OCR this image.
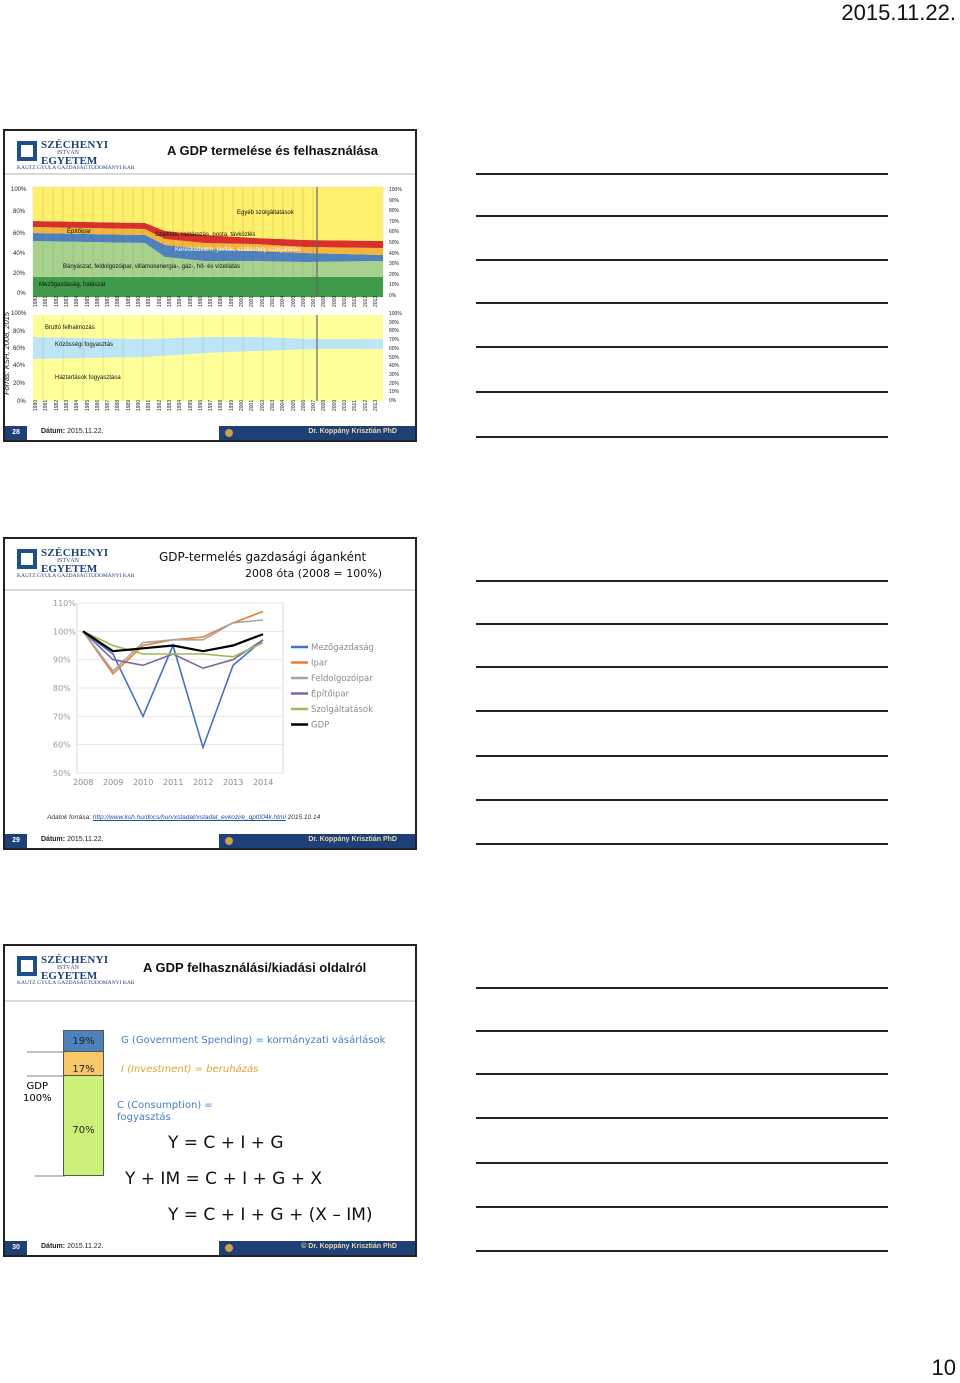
2015.11.22.
SZÉCHENYI
ISTVÁN
EGYETEM
KAUTZ GYULA GAZDASÁGTUDOMÁNYI KAR
A GDP termelése és felhasználása
Forrás: KSH, 2008, 2015
100%
80%
60%
40%
20%
0%
100%
90%
80%
70%
60%
50%
40%
30%
20%
10%
0%
Egyéb szolgáltatások
Építőipar	Szállítás, raktározás, posta, távközlés
Kereskedelem, javítás, szálláshely-szolgáltatás
Bányászat, feldolgozóipar, villamosenergia-, gáz-, hő- és vízellátás
Mezőgazdaság, halászat
1980 1981 1982 1983 1984 1985 1986 1987 1988 1989 1990 1991 1992 1993 1994 1995 1996 1997 1998 1999 2000 2001 2002 2003 2004 2005 2006 2007 2008 2009 2010 2011 2012 2013
100%
80%
60%
40%
20%
0%
100%
90%
80%
70%
60%
50%
40%
30%
20%
10%
0%
Bruttó felhalmozás
Közösségi fogyasztás
Háztartások fogyasztása
1980 1981 1982 1983 1984 1985 1986 1987 1988 1989 1990 1991 1992 1993 1994 1995 1996 1997 1998 1999 2000 2001 2002 2003 2004 2005 2006 2007 2008 2009 2010 2011 2012 2013
28	Dátum: 2015.11.22.	Dr. Koppány Krisztián PhD
SZÉCHENYI
ISTVÁN
EGYETEM
KAUTZ GYULA GAZDASÁGTUDOMÁNYI KAR
GDP-termelés gazdasági áganként
2008 óta (2008 = 100%)
110%
100%
90%
80%
70%
60%
50%
2008 2009 2010 2011 2012 2013 2014
Mezőgazdaság
Ipar
Feldolgozóipar
Építőipar
Szolgáltatások
GDP
Adatok forrása: http://www.ksh.hu/docs/hun/xstadat/xstadat_evkozi/e_qpt004k.html 2015.10.14
29	Dátum: 2015.11.22.	Dr. Koppány Krisztián PhD
SZÉCHENYI
ISTVÁN
EGYETEM
KAUTZ GYULA GAZDASÁGTUDOMÁNYI KAR
A GDP felhasználási/kiadási oldalról
GDP
100%
19%
17%
70%
G (Government Spending) = kormányzati vásárlások
I (Investment) = beruházás
C (Consumption) =
fogyasztás
Y = C + I + G
Y + IM = C + I + G + X
Y = C + I + G + (X – IM)
30	Dátum: 2015.11.22.	© Dr. Koppány Krisztián PhD
10
